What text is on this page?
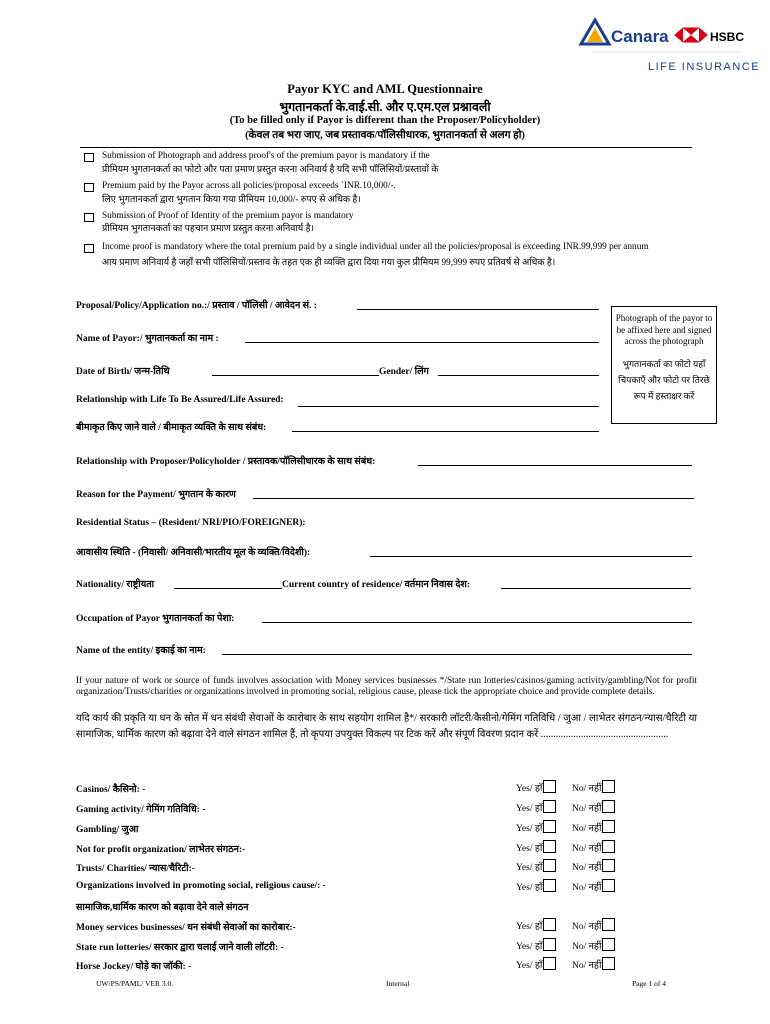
Canara	HSBC
LIFE INSURANCE
Payor KYC and AML Questionnaire
भुगतानकर्ता के.वाई.सी. और ए.एम.एल प्रश्नावली
(To be filled only if Payor is different than the Proposer/Policyholder)
(केवल तब भरा जाए, जब प्रस्तावक/पॉलिसीधारक, भुगतानकर्ता से अलग हो)
Submission of Photograph and address proof's of the premium payor is mandatory if the
प्रीमियम भुगतानकर्ता का फोटो और पता प्रमाण प्रस्तुत करना अनिवार्य है यदि सभी पॉलिसियों/प्रस्तावों के
Premium paid by the Payor across all policies/proposal exceeds `INR.10,000/-.
लिए भुगतानकर्ता द्वारा भुगतान किया गया प्रीमियम 10,000/- रुपए से अधिक है।
Submission of Proof of Identity of the premium payor is mandatory
प्रीमियम भुगतानकर्ता का पहचान प्रमाण प्रस्तुत करना अनिवार्य है।
Income proof is mandatory where the total premium paid by a single individual under all the policies/proposal is exceeding INR.99,999 per annum
आय प्रमाण अनिवार्य है जहाँ सभी पॉलिसियों/प्रस्ताव के तहत एक ही व्यक्ति द्वारा दिया गया कुल प्रीमियम 99,999 रुपए प्रतिवर्ष से अधिक है।
Proposal/Policy/Application no.:/ प्रस्ताव / पॉलिसी / आवेदन सं. :
Name of Payor:/ भुगतानकर्ता का नाम :
Date of Birth/ जन्म-तिथि	Gender/ लिंग
Relationship with Life To Be Assured/Life Assured:
बीमाकृत किए जाने वाले / बीमाकृत व्यक्ति के साथ संबंध:
Photograph of the payor to be affixed here and signed across the photograph
भुगतानकर्ता का फोटो यहाँ चिपकाएँ और फोटो पर तिरछे रूप में हस्ताक्षर करें
Relationship with Proposer/Policyholder / प्रस्तावक/पॉलिसीधारक के साथ संबंध:
Reason for the Payment/ भुगतान के कारण
Residential Status – (Resident/ NRI/PIO/FOREIGNER):
आवासीय स्थिति - (निवासी/ अनिवासी/भारतीय मूल के व्यक्ति/विदेशी):
Nationality/ राष्ट्रीयता	Current country of residence/ वर्तमान निवास देश:
Occupation of Payor भुगतानकर्ता का पेशा:
Name of the entity/ इकाई का नाम:
If your nature of work or source of funds involves association with Money services businesses */State run lotteries/casinos/gaming activity/gambling/Not for profit organization/Trusts/charities or organizations involved in promoting social, religious cause, please tick the appropriate choice and provide complete details.
यदि कार्य की प्रकृति या धन के स्रोत में धन संबंधी सेवाओं के कारोबार के साथ सहयोग शामिल है*/ सरकारी लॉटरी/कैसीनो/गेमिंग गतिविधि / जुआ / लाभेतर संगठन/न्यास/चैरिटी या सामाजिक, धार्मिक कारण को बढ़ावा देने वाले संगठन शामिल हैं, तो कृपया उपयुक्त विकल्प पर टिक करें और संपूर्ण विवरण प्रदान करें ...................................................
Casinos/ कैसिनो: -	Yes/ हाँ	No/ नहीं
Gaming activity/ गेमिंग गतिविधि: -	Yes/ हाँ	No/ नहीं
Gambling/ जुआ	Yes/ हाँ	No/ नहीं
Not for profit organization/ लाभेतर संगठन:-	Yes/ हाँ	No/ नहीं
Trusts/ Charities/ न्यास/चैरिटी:-	Yes/ हाँ	No/ नहीं
Organizations involved in promoting social, religious cause/: -	Yes/ हाँ	No/ नहीं
सामाजिक,धार्मिक कारण को बढ़ावा देने वाले संगठन
Money services businesses/ धन संबंधी सेवाओं का कारोबार:-	Yes/ हाँ	No/ नहीं
State run lotteries/ सरकार द्वारा चलाई जाने वाली लॉटरी: -	Yes/ हाँ	No/ नहीं
Horse Jockey/ घोड़े का जॉकी: -	Yes/ हाँ	No/ नहीं
UW/PS/PAML/ VER 3.0.	Internal	Page 1 of 4
